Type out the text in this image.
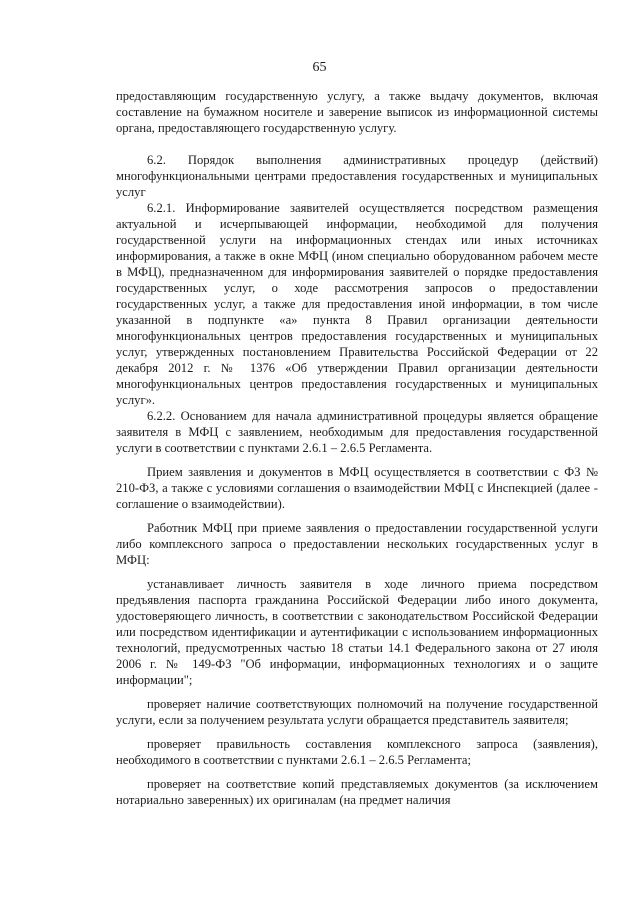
65

предоставляющим государственную услугу, а также выдачу документов, включая составление на бумажном носителе и заверение выписок из информационной системы органа, предоставляющего государственную услугу.

6.2. Порядок выполнения административных процедур (действий) многофункциональными центрами предоставления государственных и муниципальных услуг

6.2.1. Информирование заявителей осуществляется посредством размещения актуальной и исчерпывающей информации, необходимой для получения государственной услуги на информационных стендах или иных источниках информирования, а также в окне МФЦ (ином специально оборудованном рабочем месте в МФЦ), предназначенном для информирования заявителей о порядке предоставления государственных услуг, о ходе рассмотрения запросов о предоставлении государственных услуг, а также для предоставления иной информации, в том числе указанной в подпункте «а» пункта 8 Правил организации деятельности многофункциональных центров предоставления государственных и муниципальных услуг, утвержденных постановлением Правительства Российской Федерации от 22 декабря 2012 г. № 1376 «Об утверждении Правил организации деятельности многофункциональных центров предоставления государственных и муниципальных услуг».

6.2.2. Основанием для начала административной процедуры является обращение заявителя в МФЦ с заявлением, необходимым для предоставления государственной услуги в соответствии с пунктами 2.6.1 – 2.6.5 Регламента.

Прием заявления и документов в МФЦ осуществляется в соответствии с ФЗ № 210-ФЗ, а также с условиями соглашения о взаимодействии МФЦ с Инспекцией (далее - соглашение о взаимодействии).

Работник МФЦ при приеме заявления о предоставлении государственной услуги либо комплексного запроса о предоставлении нескольких государственных услуг в МФЦ:

устанавливает личность заявителя в ходе личного приема посредством предъявления паспорта гражданина Российской Федерации либо иного документа, удостоверяющего личность, в соответствии с законодательством Российской Федерации или посредством идентификации и аутентификации с использованием информационных технологий, предусмотренных частью 18 статьи 14.1 Федерального закона от 27 июля 2006 г. № 149-ФЗ "Об информации, информационных технологиях и о защите информации";

проверяет наличие соответствующих полномочий на получение государственной услуги, если за получением результата услуги обращается представитель заявителя;

проверяет правильность составления комплексного запроса (заявления), необходимого в соответствии с пунктами 2.6.1 – 2.6.5 Регламента;

проверяет на соответствие копий представляемых документов (за исключением нотариально заверенных) их оригиналам (на предмет наличия
